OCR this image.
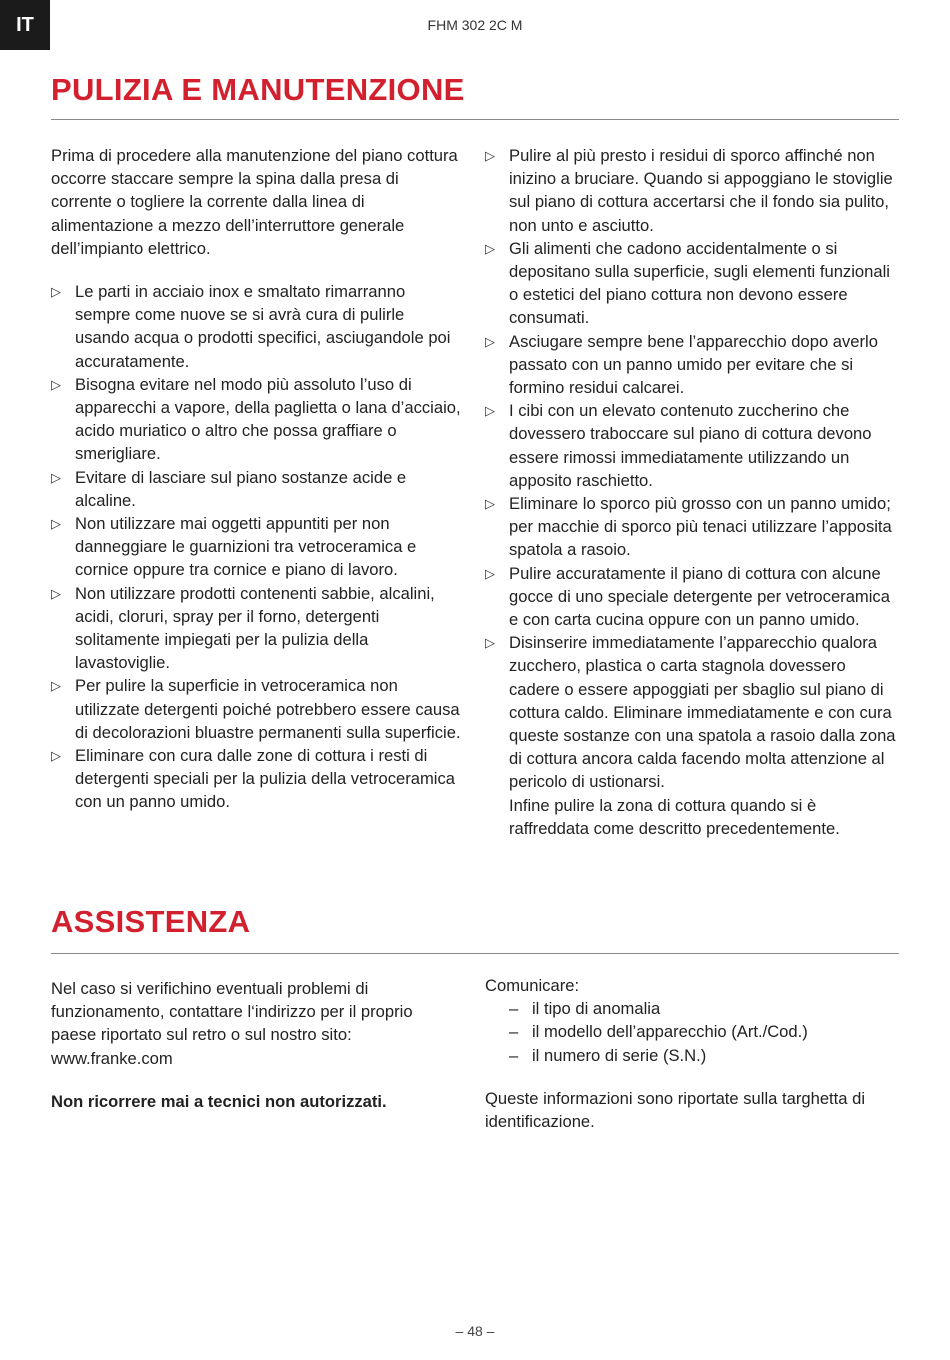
IT	FHM 302 2C M
PULIZIA E MANUTENZIONE

Prima di procedere alla manutenzione del piano cottura occorre staccare sempre la spina dalla presa di corrente o togliere la corrente dalla linea di alimentazione a mezzo dell’interruttore generale dell’impianto elettrico.

▷ Le parti in acciaio inox e smaltato rimarranno sempre come nuove se si avrà cura di pulirle usando acqua o prodotti specifici, asciugandole poi accuratamente.
▷ Bisogna evitare nel modo più assoluto l’uso di apparecchi a vapore, della paglietta o lana d’acciaio, acido muriatico o altro che possa graffiare o smerigliare.
▷ Evitare di lasciare sul piano sostanze acide e alcaline.
▷ Non utilizzare mai oggetti appuntiti per non danneggiare le guarnizioni tra vetroceramica e cornice oppure tra cornice e piano di lavoro.
▷ Non utilizzare prodotti contenenti sabbie, alcalini, acidi, cloruri, spray per il forno, detergenti solitamente impiegati per la pulizia della lavastoviglie.
▷ Per pulire la superficie in vetroceramica non utilizzate detergenti poiché potrebbero essere causa di decolorazioni bluastre permanenti sulla superficie.
▷ Eliminare con cura dalle zone di cottura i resti di detergenti speciali per la pulizia della vetroceramica con un panno umido.
▷ Pulire al più presto i residui di sporco affinché non inizino a bruciare. Quando si appoggiano le stoviglie sul piano di cottura accertarsi che il fondo sia pulito, non unto e asciutto.
▷ Gli alimenti che cadono accidentalmente o si depositano sulla superficie, sugli elementi funzionali o estetici del piano cottura non devono essere consumati.
▷ Asciugare sempre bene l’apparecchio dopo averlo passato con un panno umido per evitare che si formino residui calcarei.
▷ I cibi con un elevato contenuto zuccherino che dovessero traboccare sul piano di cottura devono essere rimossi immediatamente utilizzando un apposito raschietto.
▷ Eliminare lo sporco più grosso con un panno umido; per macchie di sporco più tenaci utilizzare l’apposita spatola a rasoio.
▷ Pulire accuratamente il piano di cottura con alcune gocce di uno speciale detergente per vetroceramica e con carta cucina oppure con un panno umido.
▷ Disinserire immediatamente l’apparecchio qualora zucchero, plastica o carta stagnola dovessero cadere o essere appoggiati per sbaglio sul piano di cottura caldo. Eliminare immediatamente e con cura queste sostanze con una spatola a rasoio dalla zona di cottura ancora calda facendo molta attenzione al pericolo di ustionarsi.

Infine pulire la zona di cottura quando si è raffreddata come descritto precedentemente.

ASSISTENZA

Nel caso si verifichino eventuali problemi di funzionamento, contattare l‘indirizzo per il proprio paese riportato sul retro o sul nostro sito: www.franke.com

Non ricorrere mai a tecnici non autorizzati.

Comunicare:

– il tipo di anomalia
– il modello dell’apparecchio (Art./Cod.)
– il numero di serie (S.N.)

Queste informazioni sono riportate sulla targhetta di identificazione.

– 48 –
